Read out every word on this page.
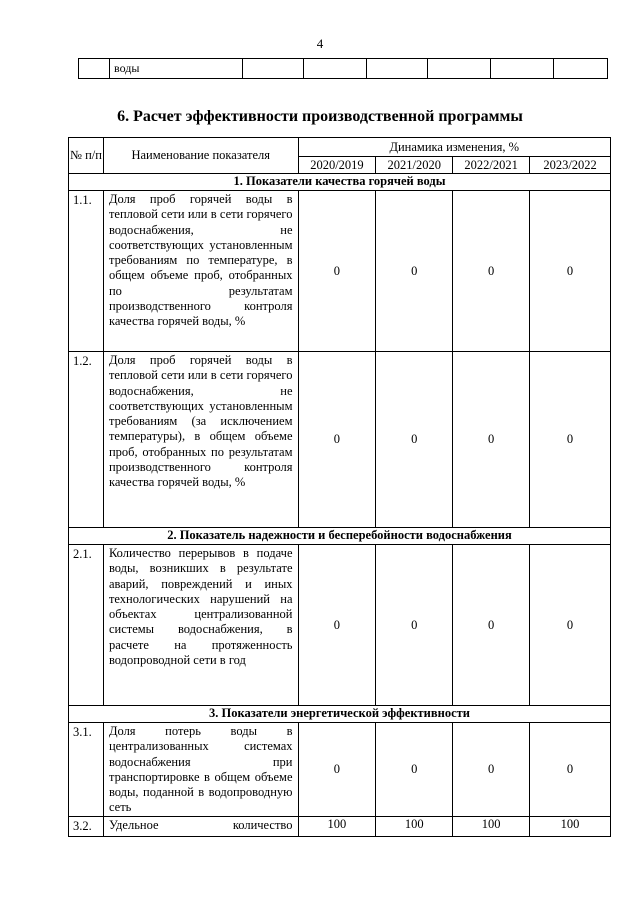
4
	воды						
6. Расчет эффективности производственной программы
№ п/п	Наименование показателя	Динамика изменения, %			
		2020/2019	2021/2020	2022/2021	2023/2022
1. Показатели качества горячей воды					
1.1.	Доля проб горячей воды в тепловой сети или в сети горячего водоснабжения, не соответствующих установленным требованиям по температуре, в общем объеме проб, отобранных по результатам производственного контроля качества горячей воды, %	0	0	0	0
1.2.	Доля проб горячей воды в тепловой сети или в сети горячего водоснабжения, не соответствующих установленным требованиям (за исключением температуры), в общем объеме проб, отобранных по результатам производственного контроля качества горячей воды, %	0	0	0	0
2. Показатель надежности и бесперебойности водоснабжения					
2.1.	Количество перерывов в подаче воды, возникших в результате аварий, повреждений и иных технологических нарушений на объектах централизованной системы водоснабжения, в расчете на протяженность водопроводной сети в год	0	0	0	0
3. Показатели энергетической эффективности					
3.1.	Доля потерь воды в централизованных системах водоснабжения при транспортировке в общем объеме воды, поданной в водопроводную сеть	0	0	0	0
3.2.	Удельное количество	100	100	100	100
